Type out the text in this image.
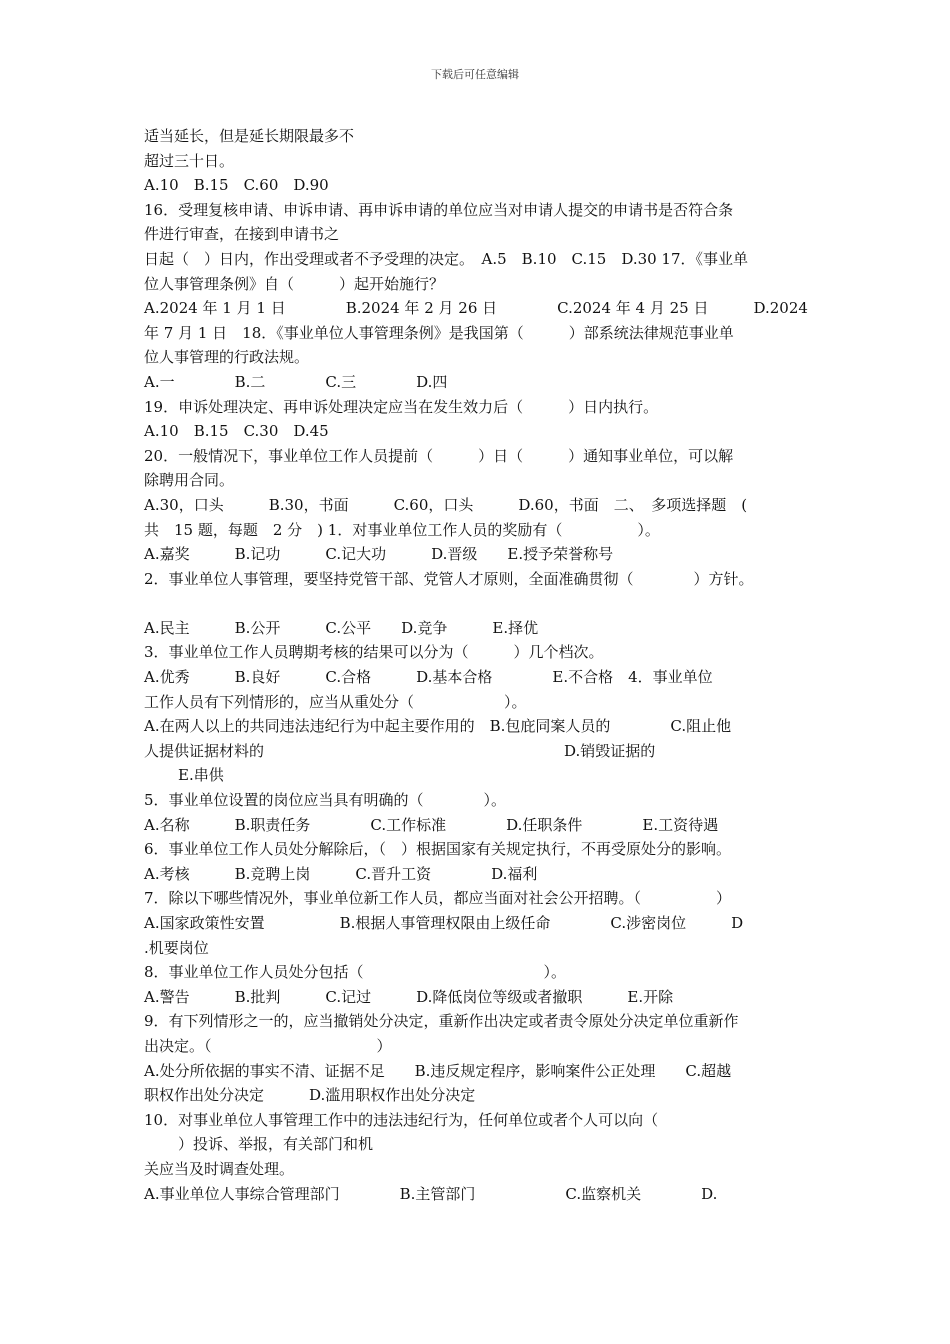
下载后可任意编辑
适当延长，但是延长期限最多不
超过三十日。
A.10　B.15　C.60　D.90
16．受理复核申请、申诉申请、再申诉申请的单位应当对申请人提交的申请书是否符合条
件进行审查，在接到申请书之
日起（　）日内，作出受理或者不予受理的决定。　A.5　B.10　C.15　D.30 17．《事业单
位人事管理条例》自（　　　）起开始施行？
A.2024 年 1 月 1 日　　　　B.2024 年 2 月 26 日　　　　C.2024 年 4 月 25 日　　　D.2024
年 7 月 1 日　18．《事业单位人事管理条例》是我国第（　　　）部系统法律规范事业单
位人事管理的行政法规。
A.一　　　　B.二　　　　C.三　　　　D.四
19．申诉处理决定、再申诉处理决定应当在发生效力后（　　　）日内执行。
A.10　B.15　C.30　D.45
20．一般情况下，事业单位工作人员提前（　　　）日（　　　）通知事业单位，可以解
除聘用合同。
A.30，口头　　　B.30，书面　　　C.60，口头　　　D.60，书面　二、　多项选择题　(
共　15 题，每题　2 分　) 1．对事业单位工作人员的奖励有（　　　　　）。
A.嘉奖　　　B.记功　　　C.记大功　　　D.晋级　　E.授予荣誉称号
2．事业单位人事管理，要坚持党管干部、党管人才原则，全面准确贯彻（　　　　）方针。
A.民主　　　B.公开　　　C.公平　　D.竞争　　　E.择优
3．事业单位工作人员聘期考核的结果可以分为（　　　）几个档次。
A.优秀　　　B.良好　　　C.合格　　　D.基本合格　　　　E.不合格　4．事业单位
工作人员有下列情形的，应当从重处分（　　　　　　）。
A.在两人以上的共同违法违纪行为中起主要作用的　B.包庇同案人员的　　　　C.阻止他
人提供证据材料的　　　　　　　　　　　　　　　　　　　　D.销毁证据的
E.串供
5．事业单位设置的岗位应当具有明确的（　　　　）。
A.名称　　　B.职责任务　　　　C.工作标准　　　　D.任职条件　　　　E.工资待遇
6．事业单位工作人员处分解除后，（　）根据国家有关规定执行，不再受原处分的影响。
A.考核　　　B.竞聘上岗　　　C.晋升工资　　　　D.福利
7．除以下哪些情况外，事业单位新工作人员，都应当面对社会公开招聘。（　　　　　）
A.国家政策性安置　　　　　B.根据人事管理权限由上级任命　　　　C.涉密岗位　　　D
.机要岗位
8．事业单位工作人员处分包括（　　　　　　　　　　　　）。
A.警告　　　B.批判　　　C.记过　　　D.降低岗位等级或者撤职　　　E.开除
9．有下列情形之一的，应当撤销处分决定，重新作出决定或者责令原处分决定单位重新作
出决定。（　　　　　　　　　　　）
A.处分所依据的事实不清、证据不足　　B.违反规定程序，影响案件公正处理　　C.超越
职权作出处分决定　　　D.滥用职权作出处分决定
10．对事业单位人事管理工作中的违法违纪行为，任何单位或者个人可以向（
）投诉、举报，有关部门和机
关应当及时调查处理。
A.事业单位人事综合管理部门　　　　B.主管部门　　　　　　C.监察机关　　　　D.
